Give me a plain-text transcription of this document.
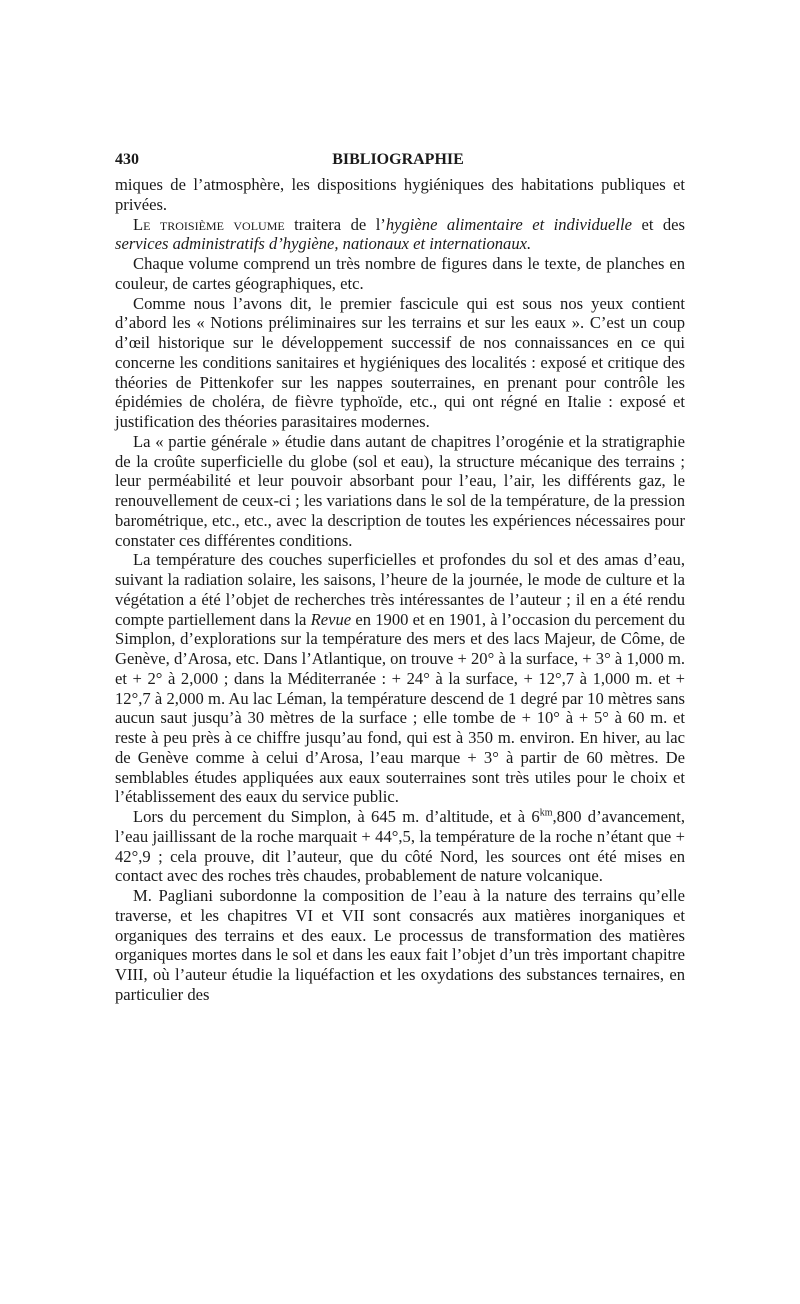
430	BIBLIOGRAPHIE

miques de l’atmosphère, les dispositions hygiéniques des habitations publiques et privées.

Le troisième volume traitera de l’hygiène alimentaire et individuelle et des services administratifs d’hygiène, nationaux et internationaux.

Chaque volume comprend un très nombre de figures dans le texte, de planches en couleur, de cartes géographiques, etc.

Comme nous l’avons dit, le premier fascicule qui est sous nos yeux contient d’abord les « Notions préliminaires sur les terrains et sur les eaux ». C’est un coup d’œil historique sur le développement successif de nos connaissances en ce qui concerne les conditions sanitaires et hygiéniques des localités : exposé et critique des théories de Pittenkofer sur les nappes souterraines, en prenant pour contrôle les épidémies de choléra, de fièvre typhoïde, etc., qui ont régné en Italie : exposé et justification des théories parasitaires modernes.

La « partie générale » étudie dans autant de chapitres l’orogénie et la stratigraphie de la croûte superficielle du globe (sol et eau), la structure mécanique des terrains ; leur perméabilité et leur pouvoir absorbant pour l’eau, l’air, les différents gaz, le renouvellement de ceux-ci ; les variations dans le sol de la température, de la pression barométrique, etc., etc., avec la description de toutes les expériences nécessaires pour constater ces différentes conditions.

La température des couches superficielles et profondes du sol et des amas d’eau, suivant la radiation solaire, les saisons, l’heure de la journée, le mode de culture et la végétation a été l’objet de recherches très intéressantes de l’auteur ; il en a été rendu compte partiellement dans la Revue en 1900 et en 1901, à l’occasion du percement du Simplon, d’explorations sur la température des mers et des lacs Majeur, de Côme, de Genève, d’Arosa, etc. Dans l’Atlantique, on trouve + 20° à la surface, + 3° à 1,000 m. et + 2° à 2,000 ; dans la Méditerranée : + 24° à la surface, + 12°,7 à 1,000 m. et + 12°,7 à 2,000 m. Au lac Léman, la température descend de 1 degré par 10 mètres sans aucun saut jusqu’à 30 mètres de la surface ; elle tombe de + 10° à + 5° à 60 m. et reste à peu près à ce chiffre jusqu’au fond, qui est à 350 m. environ. En hiver, au lac de Genève comme à celui d’Arosa, l’eau marque + 3° à partir de 60 mètres. De semblables études appliquées aux eaux souterraines sont très utiles pour le choix et l’établissement des eaux du service public.

Lors du percement du Simplon, à 645 m. d’altitude, et à $6^{km},800$ d’avancement, l’eau jaillissant de la roche marquait + 44°,5, la température de la roche n’étant que + 42°,9 ; cela prouve, dit l’auteur, que du côté Nord, les sources ont été mises en contact avec des roches très chaudes, probablement de nature volcanique.

M. Pagliani subordonne la composition de l’eau à la nature des terrains qu’elle traverse, et les chapitres VI et VII sont consacrés aux matières inorganiques et organiques des terrains et des eaux. Le processus de transformation des matières organiques mortes dans le sol et dans les eaux fait l’objet d’un très important chapitre VIII, où l’auteur étudie la liquéfaction et les oxydations des substances ternaires, en particulier des
